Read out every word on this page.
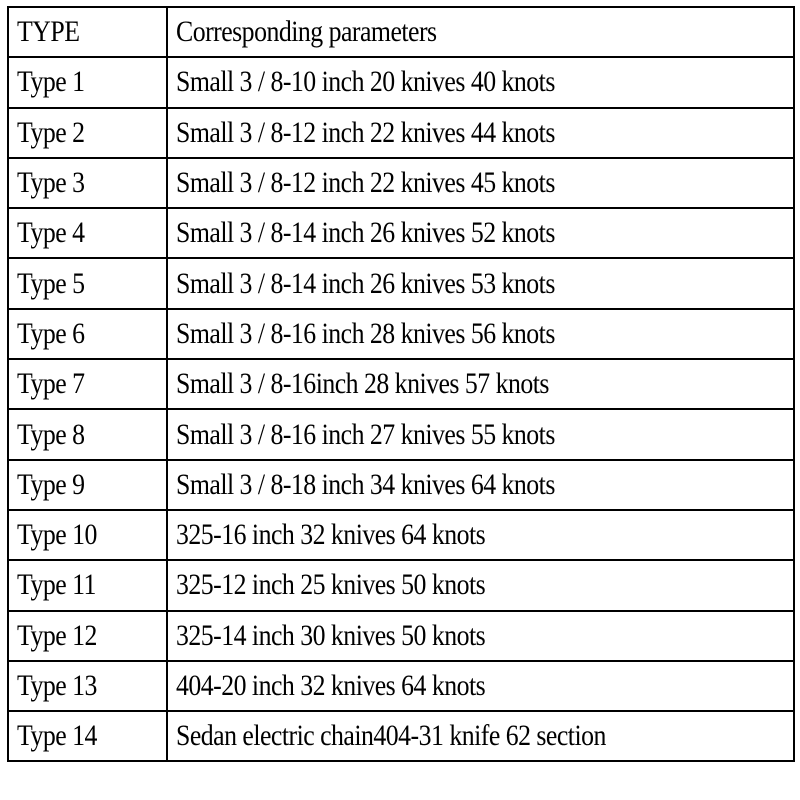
TYPE	Corresponding parameters
Type 1	Small 3 / 8-10 inch 20 knives 40 knots
Type 2	Small 3 / 8-12 inch 22 knives 44 knots
Type 3	Small 3 / 8-12 inch 22 knives 45 knots
Type 4	Small 3 / 8-14 inch 26 knives 52 knots
Type 5	Small 3 / 8-14 inch 26 knives 53 knots
Type 6	Small 3 / 8-16 inch 28 knives 56 knots
Type 7	Small 3 / 8-16inch 28 knives 57 knots
Type 8	Small 3 / 8-16 inch 27 knives 55 knots
Type 9	Small 3 / 8-18 inch 34 knives 64 knots
Type 10	325-16 inch 32 knives 64 knots
Type 11	325-12 inch 25 knives 50 knots
Type 12	325-14 inch 30 knives 50 knots
Type 13	404-20 inch 32 knives 64 knots
Type 14	Sedan electric chain404-31 knife 62 section
